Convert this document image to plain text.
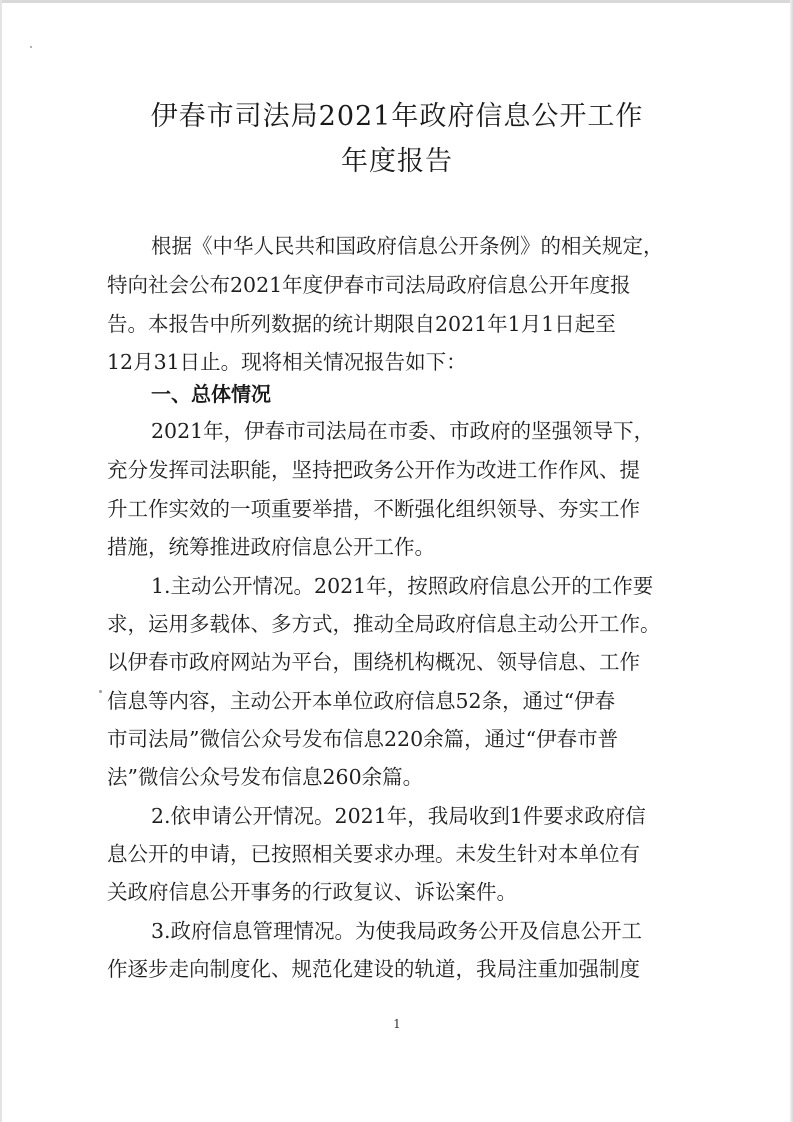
伊春市司法局2021年政府信息公开工作
年度报告
根据《中华人民共和国政府信息公开条例》的相关规定，
特向社会公布2021年度伊春市司法局政府信息公开年度报
告。本报告中所列数据的统计期限自2021年1月1日起至
12月31日止。现将相关情况报告如下：
一、总体情况
2021年，伊春市司法局在市委、市政府的坚强领导下，
充分发挥司法职能，坚持把政务公开作为改进工作作风、提
升工作实效的一项重要举措，不断强化组织领导、夯实工作
措施，统筹推进政府信息公开工作。
1.主动公开情况。2021年，按照政府信息公开的工作要
求，运用多载体、多方式，推动全局政府信息主动公开工作。
以伊春市政府网站为平台，围绕机构概况、领导信息、工作
信息等内容，主动公开本单位政府信息52条，通过“伊春
市司法局”微信公众号发布信息220余篇，通过“伊春市普
法”微信公众号发布信息260余篇。
2.依申请公开情况。2021年，我局收到1件要求政府信
息公开的申请，已按照相关要求办理。未发生针对本单位有
关政府信息公开事务的行政复议、诉讼案件。
3.政府信息管理情况。为使我局政务公开及信息公开工
作逐步走向制度化、规范化建设的轨道，我局注重加强制度
1
